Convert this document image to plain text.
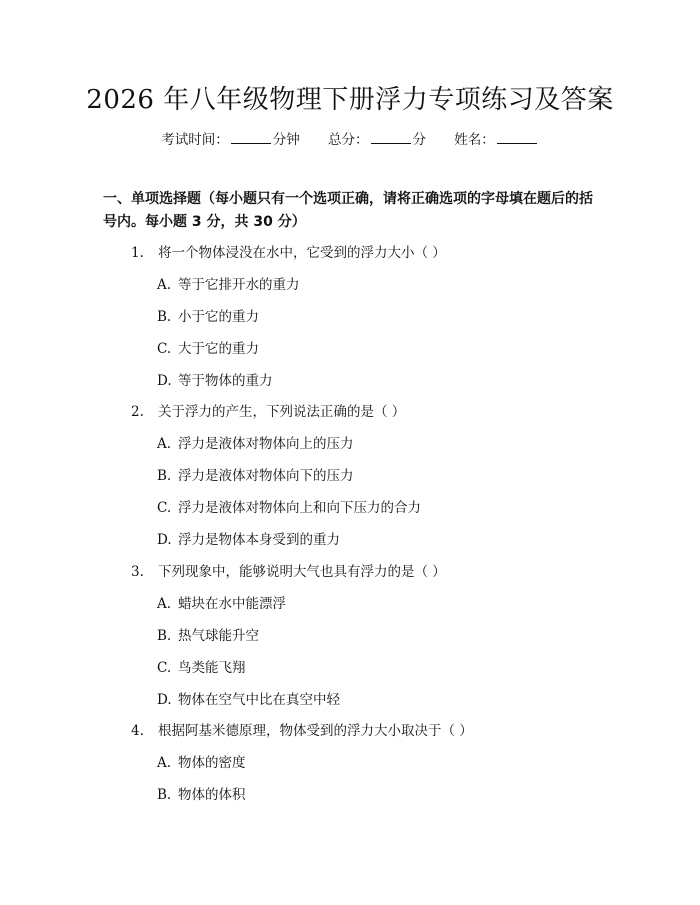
2026 年八年级物理下册浮力专项练习及答案
考试时间：	分钟 总分：	分 姓名：
一、单项选择题（每小题只有一个选项正确，请将正确选项的字母填在题后的括号内。每小题 3 分，共 30 分）
1. 将一个物体浸没在水中，它受到的浮力大小（ ）
A. 等于它排开水的重力
B. 小于它的重力
C. 大于它的重力
D. 等于物体的重力
2. 关于浮力的产生，下列说法正确的是（ ）
A. 浮力是液体对物体向上的压力
B. 浮力是液体对物体向下的压力
C. 浮力是液体对物体向上和向下压力的合力
D. 浮力是物体本身受到的重力
3. 下列现象中，能够说明大气也具有浮力的是（ ）
A. 蜡块在水中能漂浮
B. 热气球能升空
C. 鸟类能飞翔
D. 物体在空气中比在真空中轻
4. 根据阿基米德原理，物体受到的浮力大小取决于（ ）
A. 物体的密度
B. 物体的体积
